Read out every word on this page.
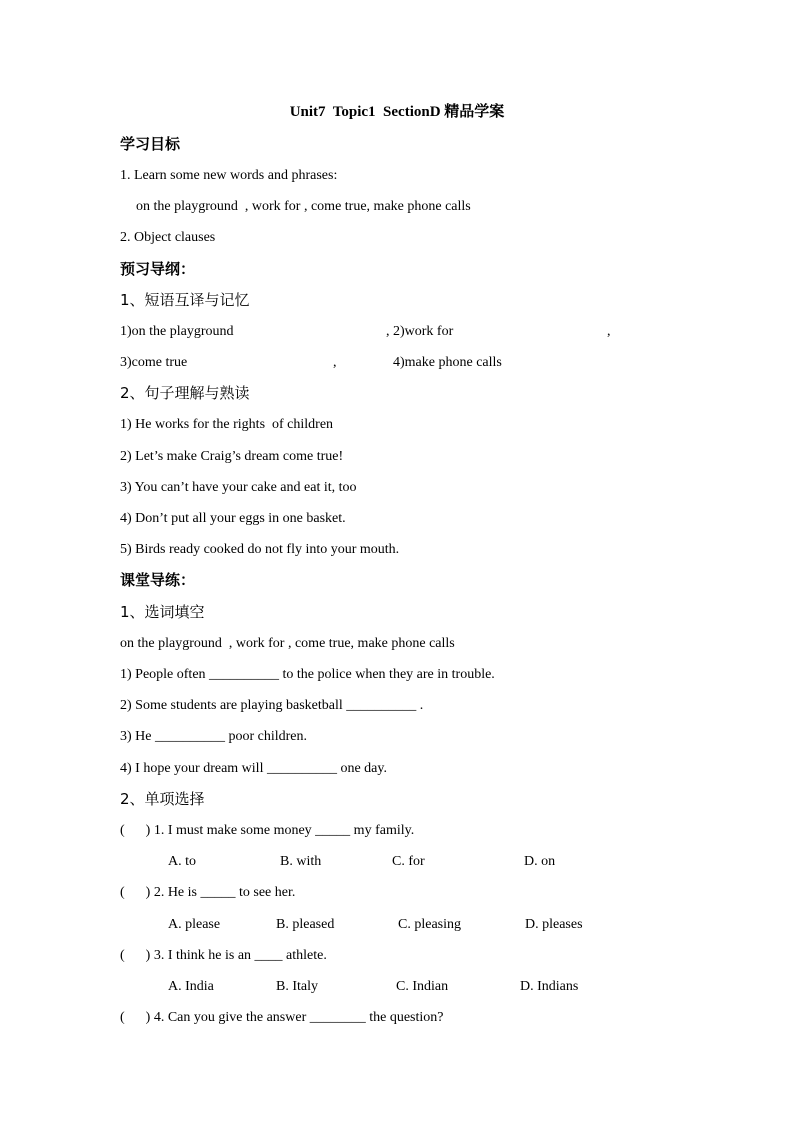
Unit7  Topic1  SectionD 精品学案
学习目标
1. Learn some new words and phrases:
on the playground  , work for , come true, make phone calls
2. Object clauses
预习导纲：
1、短语互译与记忆
1)on the playground	, 2)work for	,
3)come true	,	4)make phone calls
2、句子理解与熟读
1) He works for the rights  of children
2) Let’s make Craig’s dream come true!
3) You can’t have your cake and eat it, too
4) Don’t put all your eggs in one basket.
5) Birds ready cooked do not fly into your mouth.
课堂导练：
1、选词填空
on the playground  , work for , come true, make phone calls
1) People often __________ to the police when they are in trouble.
2) Some students are playing basketball __________ .
3) He __________ poor children.
4) I hope your dream will __________ one day.
2、单项选择
(      ) 1. I must make some money _____ my family.
A. to	B. with	C. for	D. on
(      ) 2. He is _____ to see her.
A. please	B. pleased	C. pleasing	D. pleases
(      ) 3. I think he is an ____ athlete.
A. India	B. Italy	C. Indian	D. Indians
(      ) 4. Can you give the answer ________ the question?
